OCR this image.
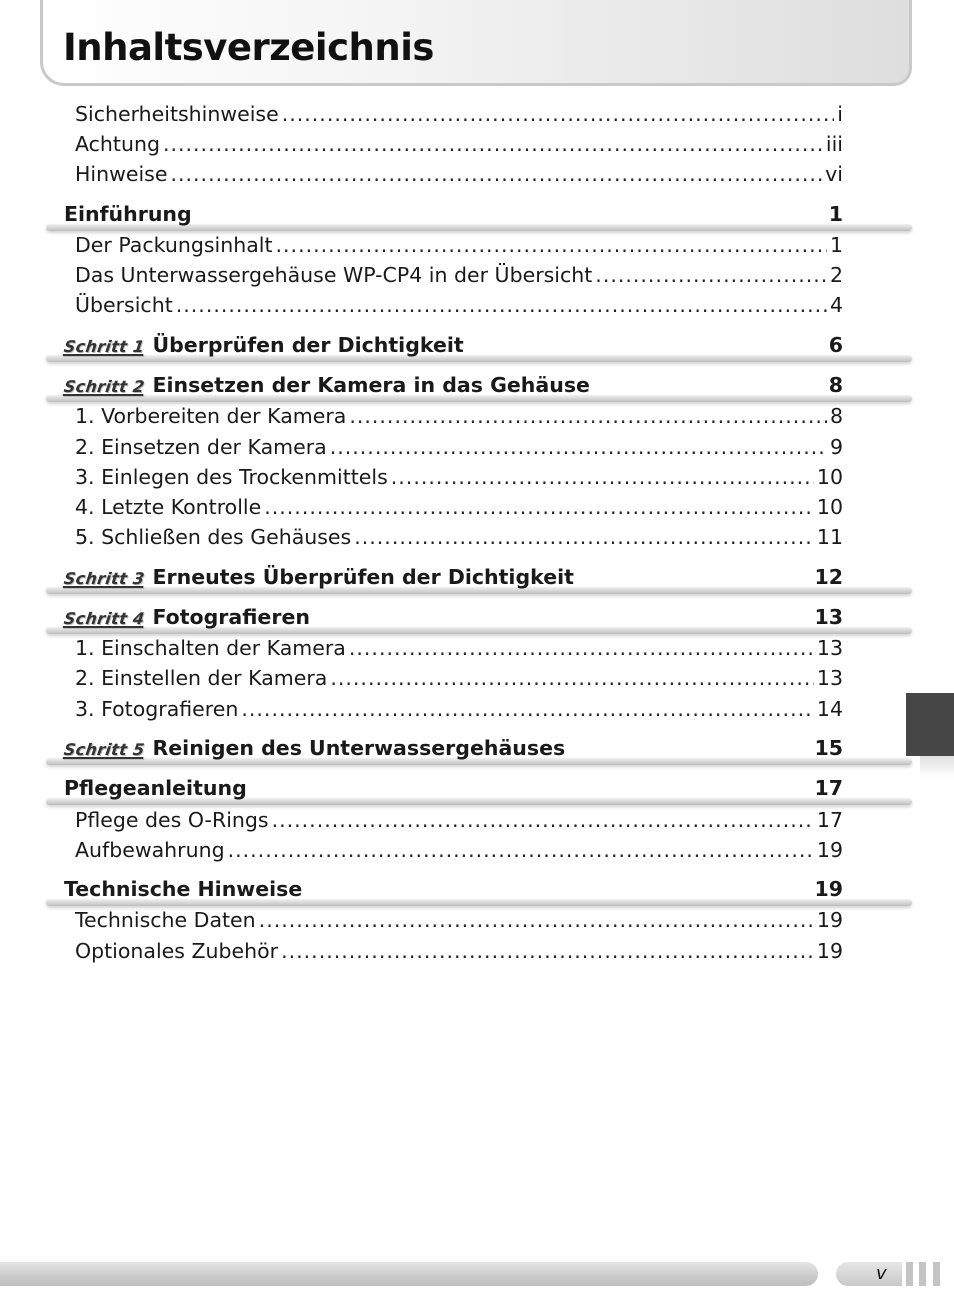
Inhaltsverzeichnis
Sicherheitshinweise .....	i
Achtung .....	iii
Hinweise .....	vi
Einführung	1
Der Packungsinhalt .....	1
Das Unterwassergehäuse WP-CP4 in der Übersicht .....	2
Übersicht .....	4
Schritt 1 Überprüfen der Dichtigkeit	6
Schritt 2 Einsetzen der Kamera in das Gehäuse	8
1. Vorbereiten der Kamera .....	8
2. Einsetzen der Kamera .....	9
3. Einlegen des Trockenmittels .....	10
4. Letzte Kontrolle .....	10
5. Schließen des Gehäuses .....	11
Schritt 3 Erneutes Überprüfen der Dichtigkeit	12
Schritt 4 Fotografieren	13
1. Einschalten der Kamera .....	13
2. Einstellen der Kamera .....	13
3. Fotografieren .....	14
Schritt 5 Reinigen des Unterwassergehäuses	15
Pflegeanleitung	17
Pflege des O-Rings .....	17
Aufbewahrung .....	19
Technische Hinweise	19
Technische Daten .....	19
Optionales Zubehör .....	19
v
